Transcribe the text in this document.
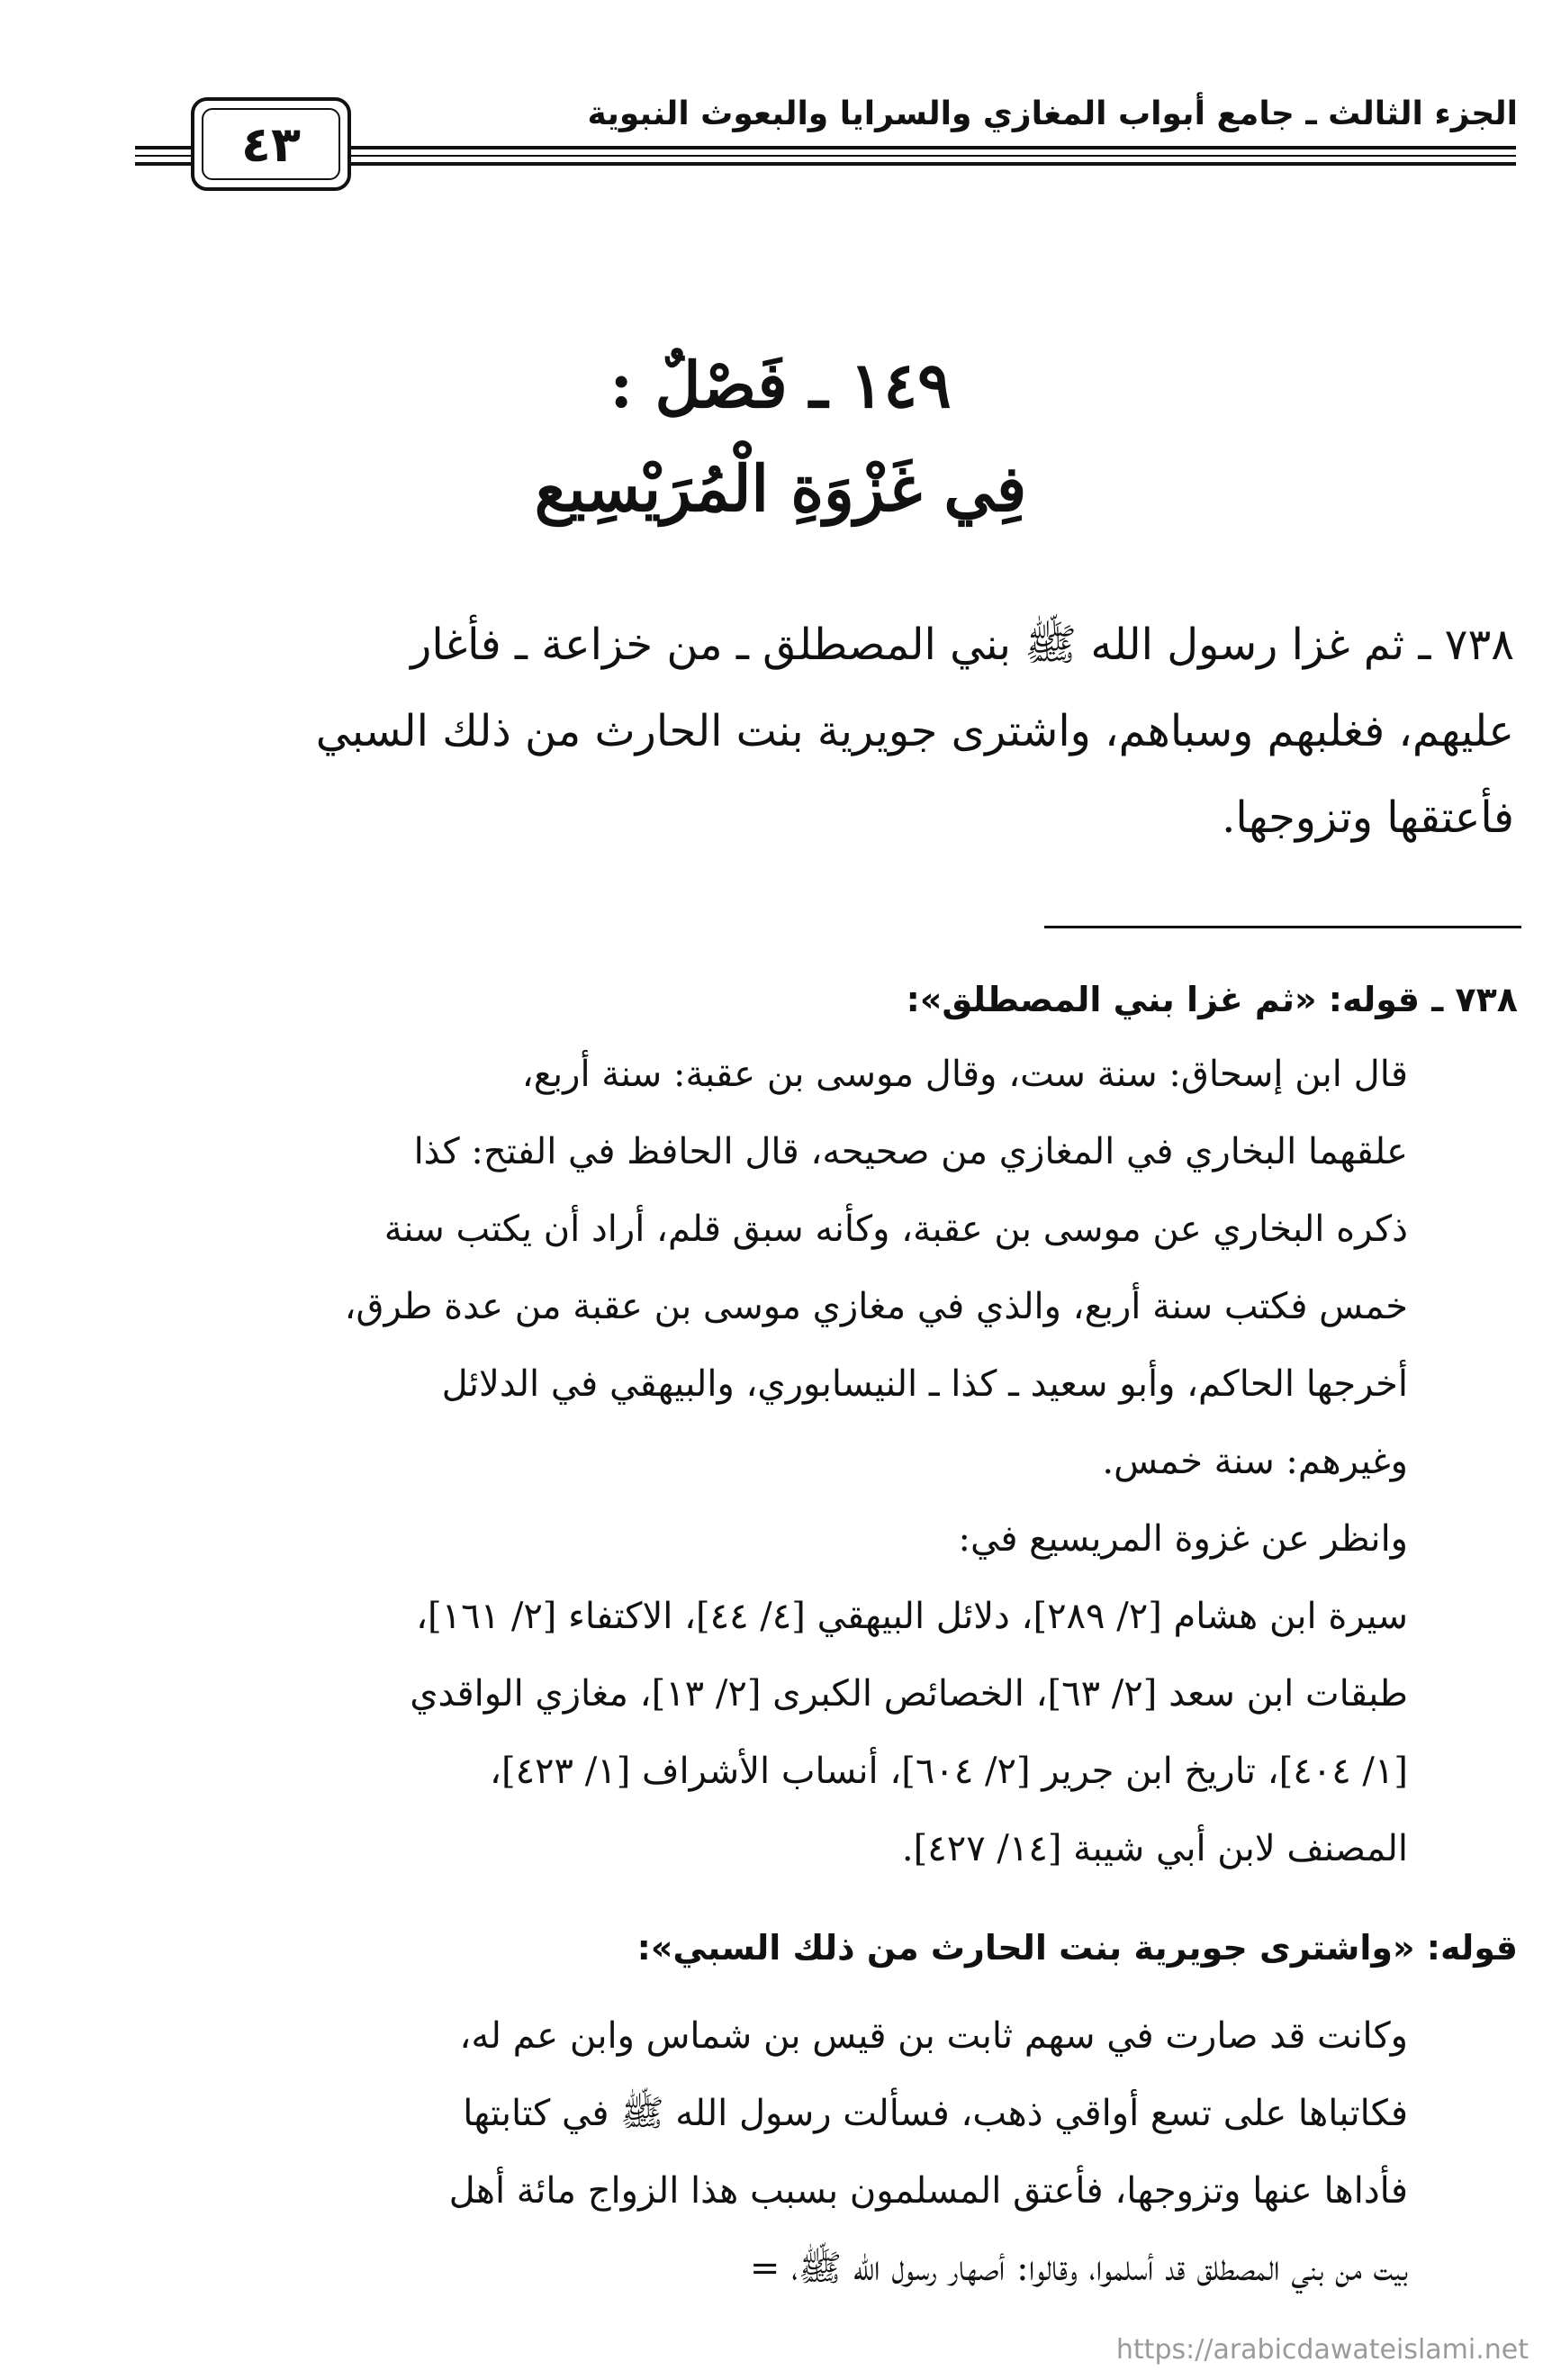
الجزء الثالث ـ جامع أبواب المغازي والسرايا والبعوث النبوية
٤٣
١٤٩ ـ فَصْلٌ :
فِي غَزْوَةِ الْمُرَيْسِيع
٧٣٨ ـ ثم غزا رسول الله ﷺ بني المصطلق ـ من خزاعة ـ فأغار
عليهم، فغلبهم وسباهم، واشترى جويرية بنت الحارث من ذلك السبي
فأعتقها وتزوجها.
٧٣٨ ـ قوله: «ثم غزا بني المصطلق»:
قال ابن إسحاق: سنة ست، وقال موسى بن عقبة: سنة أربع،
علقهما البخاري في المغازي من صحيحه، قال الحافظ في الفتح: كذا
ذكره البخاري عن موسى بن عقبة، وكأنه سبق قلم، أراد أن يكتب سنة
خمس فكتب سنة أربع، والذي في مغازي موسى بن عقبة من عدة طرق،
أخرجها الحاكم، وأبو سعيد ـ كذا ـ النيسابوري، والبيهقي في الدلائل
وغيرهم: سنة خمس.
وانظر عن غزوة المريسيع في:
سيرة ابن هشام [٢/ ٢٨٩]، دلائل البيهقي [٤/ ٤٤]، الاكتفاء [٢/ ١٦١]،
طبقات ابن سعد [٢/ ٦٣]، الخصائص الكبرى [٢/ ١٣]، مغازي الواقدي
[١/ ٤٠٤]، تاريخ ابن جرير [٢/ ٦٠٤]، أنساب الأشراف [١/ ٤٢٣]،
المصنف لابن أبي شيبة [١٤/ ٤٢٧].
قوله: «واشترى جويرية بنت الحارث من ذلك السبي»:
وكانت قد صارت في سهم ثابت بن قيس بن شماس وابن عم له،
فكاتباها على تسع أواقي ذهب، فسألت رسول الله ﷺ في كتابتها
فأداها عنها وتزوجها، فأعتق المسلمون بسبب هذا الزواج مائة أهل
بيت من بني المصطلق قد أسلموا، وقالوا: أصهار رسول الله ﷺ، =
https://arabicdawateislami.net
